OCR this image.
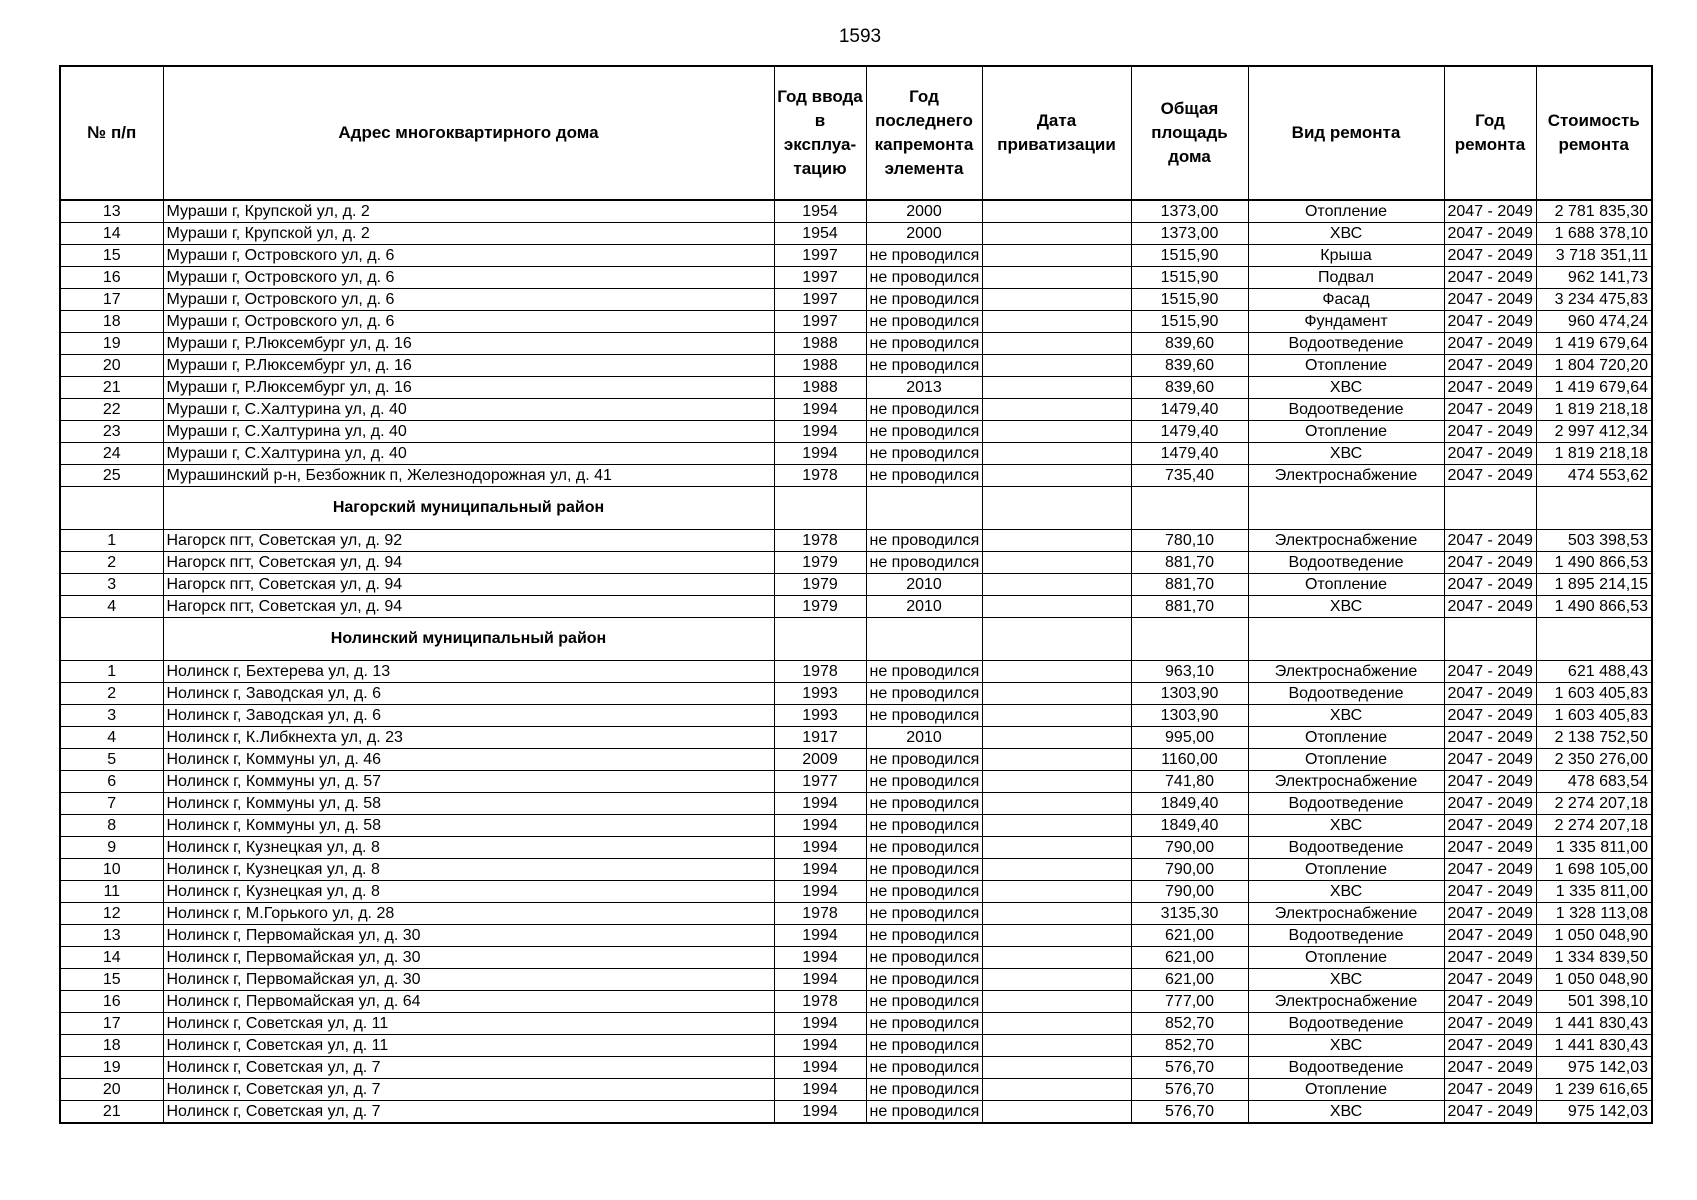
1593
№ п/п	Адрес многоквартирного дома	Год ввода в эксплуа-тацию	Год последнего капремонта элемента	Дата приватизации	Общая площадь дома	Вид ремонта	Год ремонта	Стоимость ремонта
13	Мураши г, Крупской ул, д. 2	1954	2000		1373,00	Отопление	2047 - 2049	2 781 835,30
14	Мураши г, Крупской ул, д. 2	1954	2000		1373,00	ХВС	2047 - 2049	1 688 378,10
15	Мураши г, Островского ул, д. 6	1997	не проводился		1515,90	Крыша	2047 - 2049	3 718 351,11
16	Мураши г, Островского ул, д. 6	1997	не проводился		1515,90	Подвал	2047 - 2049	962 141,73
17	Мураши г, Островского ул, д. 6	1997	не проводился		1515,90	Фасад	2047 - 2049	3 234 475,83
18	Мураши г, Островского ул, д. 6	1997	не проводился		1515,90	Фундамент	2047 - 2049	960 474,24
19	Мураши г, Р.Люксембург ул, д. 16	1988	не проводился		839,60	Водоотведение	2047 - 2049	1 419 679,64
20	Мураши г, Р.Люксембург ул, д. 16	1988	не проводился		839,60	Отопление	2047 - 2049	1 804 720,20
21	Мураши г, Р.Люксембург ул, д. 16	1988	2013		839,60	ХВС	2047 - 2049	1 419 679,64
22	Мураши г, С.Халтурина ул, д. 40	1994	не проводился		1479,40	Водоотведение	2047 - 2049	1 819 218,18
23	Мураши г, С.Халтурина ул, д. 40	1994	не проводился		1479,40	Отопление	2047 - 2049	2 997 412,34
24	Мураши г, С.Халтурина ул, д. 40	1994	не проводился		1479,40	ХВС	2047 - 2049	1 819 218,18
25	Мурашинский р-н, Безбожник п, Железнодорожная ул, д. 41	1978	не проводился		735,40	Электроснабжение	2047 - 2049	474 553,62
	Нагорский муниципальный район							
1	Нагорск пгт, Советская ул, д. 92	1978	не проводился		780,10	Электроснабжение	2047 - 2049	503 398,53
2	Нагорск пгт, Советская ул, д. 94	1979	не проводился		881,70	Водоотведение	2047 - 2049	1 490 866,53
3	Нагорск пгт, Советская ул, д. 94	1979	2010		881,70	Отопление	2047 - 2049	1 895 214,15
4	Нагорск пгт, Советская ул, д. 94	1979	2010		881,70	ХВС	2047 - 2049	1 490 866,53
	Нолинский муниципальный район							
1	Нолинск г, Бехтерева ул, д. 13	1978	не проводился		963,10	Электроснабжение	2047 - 2049	621 488,43
2	Нолинск г, Заводская ул, д. 6	1993	не проводился		1303,90	Водоотведение	2047 - 2049	1 603 405,83
3	Нолинск г, Заводская ул, д. 6	1993	не проводился		1303,90	ХВС	2047 - 2049	1 603 405,83
4	Нолинск г, К.Либкнехта ул, д. 23	1917	2010		995,00	Отопление	2047 - 2049	2 138 752,50
5	Нолинск г, Коммуны ул, д. 46	2009	не проводился		1160,00	Отопление	2047 - 2049	2 350 276,00
6	Нолинск г, Коммуны ул, д. 57	1977	не проводился		741,80	Электроснабжение	2047 - 2049	478 683,54
7	Нолинск г, Коммуны ул, д. 58	1994	не проводился		1849,40	Водоотведение	2047 - 2049	2 274 207,18
8	Нолинск г, Коммуны ул, д. 58	1994	не проводился		1849,40	ХВС	2047 - 2049	2 274 207,18
9	Нолинск г, Кузнецкая ул, д. 8	1994	не проводился		790,00	Водоотведение	2047 - 2049	1 335 811,00
10	Нолинск г, Кузнецкая ул, д. 8	1994	не проводился		790,00	Отопление	2047 - 2049	1 698 105,00
11	Нолинск г, Кузнецкая ул, д. 8	1994	не проводился		790,00	ХВС	2047 - 2049	1 335 811,00
12	Нолинск г, М.Горького ул, д. 28	1978	не проводился		3135,30	Электроснабжение	2047 - 2049	1 328 113,08
13	Нолинск г, Первомайская ул, д. 30	1994	не проводился		621,00	Водоотведение	2047 - 2049	1 050 048,90
14	Нолинск г, Первомайская ул, д. 30	1994	не проводился		621,00	Отопление	2047 - 2049	1 334 839,50
15	Нолинск г, Первомайская ул, д. 30	1994	не проводился		621,00	ХВС	2047 - 2049	1 050 048,90
16	Нолинск г, Первомайская ул, д. 64	1978	не проводился		777,00	Электроснабжение	2047 - 2049	501 398,10
17	Нолинск г, Советская ул, д. 11	1994	не проводился		852,70	Водоотведение	2047 - 2049	1 441 830,43
18	Нолинск г, Советская ул, д. 11	1994	не проводился		852,70	ХВС	2047 - 2049	1 441 830,43
19	Нолинск г, Советская ул, д. 7	1994	не проводился		576,70	Водоотведение	2047 - 2049	975 142,03
20	Нолинск г, Советская ул, д. 7	1994	не проводился		576,70	Отопление	2047 - 2049	1 239 616,65
21	Нолинск г, Советская ул, д. 7	1994	не проводился		576,70	ХВС	2047 - 2049	975 142,03
